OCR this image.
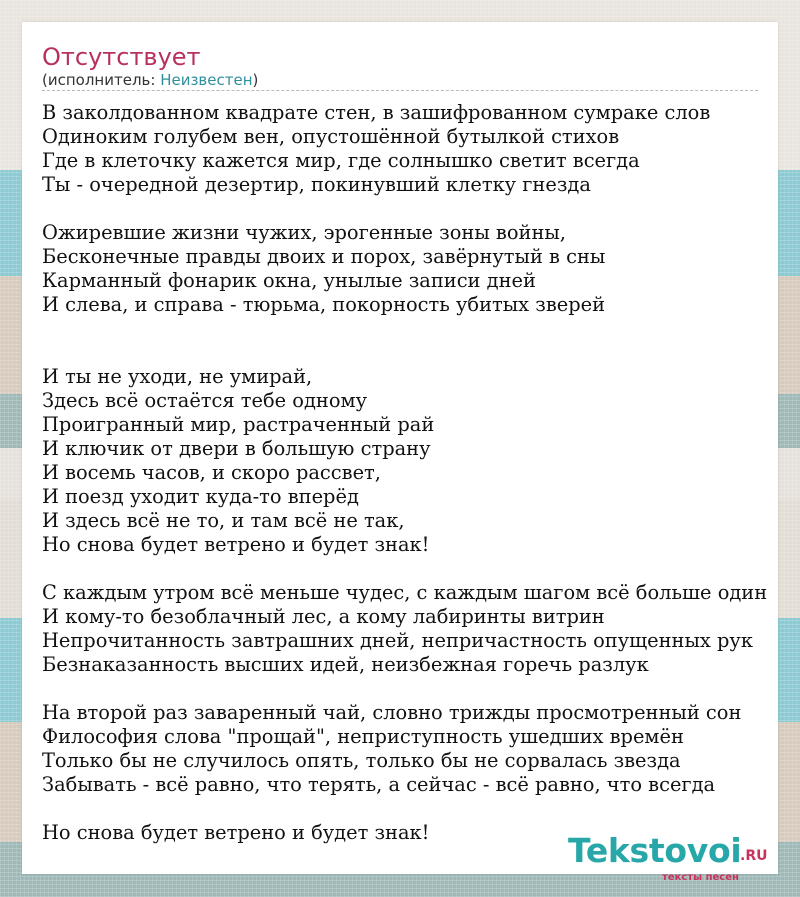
Отсутствует
(исполнитель: Неизвестен)
В заколдованном квадрате стен, в зашифрованном сумраке слов
Одиноким голубем вен, опустошённой бутылкой стихов
Где в клеточку кажется мир, где солнышко светит всегда
Ты - очередной дезертир, покинувший клетку гнезда
Ожиревшие жизни чужих, эрогенные зоны войны,
Бесконечные правды двоих и порох, завёрнутый в сны
Карманный фонарик окна, унылые записи дней
И слева, и справа - тюрьма, покорность убитых зверей
И ты не уходи, не умирай,
Здесь всё остаётся тебе одному
Проигранный мир, растраченный рай
И ключик от двери в большую страну
И восемь часов, и скоро рассвет,
И поезд уходит куда-то вперёд
И здесь всё не то, и там всё не так,
Но снова будет ветрено и будет знак!
С каждым утром всё меньше чудес, с каждым шагом всё больше один
И кому-то безоблачный лес, а кому лабиринты витрин
Непрочитанность завтрашних дней, непричастность опущенных рук
Безнаказанность высших идей, неизбежная горечь разлук
На второй раз заваренный чай, словно трижды просмотренный сон
Философия слова "прощай", неприступность ушедших времён
Только бы не случилось опять, только бы не сорвалась звезда
Забывать - всё равно, что терять, а сейчас - всё равно, что всегда
Но снова будет ветрено и будет знак!	Tekstovoi
.RU
тексты песен
